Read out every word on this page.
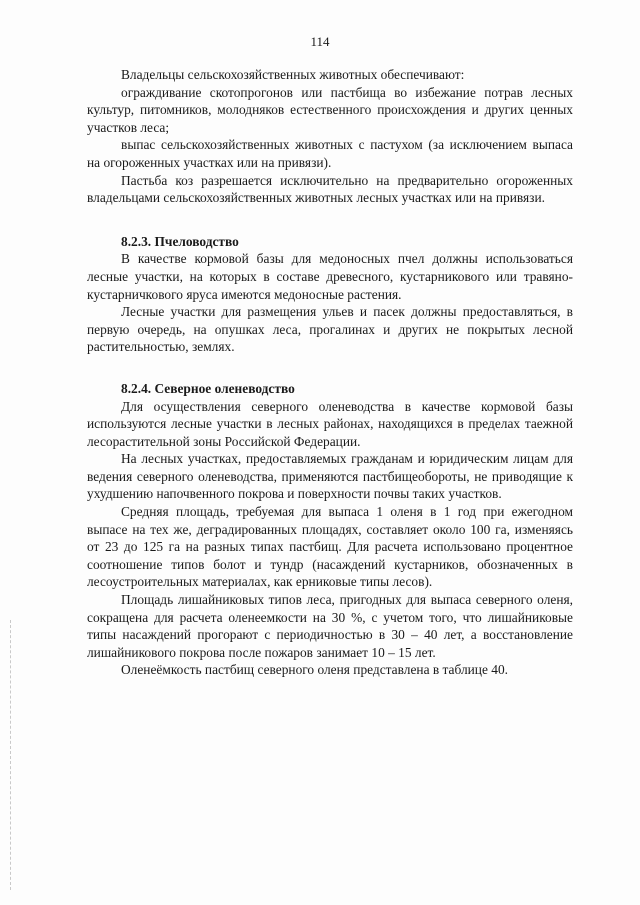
114

Владельцы сельскохозяйственных животных обеспечивают:

ограждивание скотопрогонов или пастбища во избежание потрав лесных культур, питомников, молодняков естественного происхождения и других ценных участков леса;

выпас сельскохозяйственных животных с пастухом (за исключением выпаса на огороженных участках или на привязи).

Пастьба коз разрешается исключительно на предварительно огороженных владельцами сельскохозяйственных животных лесных участках или на привязи.

8.2.3. Пчеловодство

В качестве кормовой базы для медоносных пчел должны использоваться лесные участки, на которых в составе древесного, кустарникового или травяно-кустарничкового яруса имеются медоносные растения.

Лесные участки для размещения ульев и пасек должны предоставляться, в первую очередь, на опушках леса, прогалинах и других не покрытых лесной растительностью, землях.

8.2.4. Северное оленеводство

Для осуществления северного оленеводства в качестве кормовой базы используются лесные участки в лесных районах, находящихся в пределах таежной лесорастительной зоны Российской Федерации.

На лесных участках, предоставляемых гражданам и юридическим лицам для ведения северного оленеводства, применяются пастбищеобороты, не приводящие к ухудшению напочвенного покрова и поверхности почвы таких участков.

Средняя площадь, требуемая для выпаса 1 оленя в 1 год при ежегодном выпасе на тех же, деградированных площадях, составляет около 100 га, изменяясь от 23 до 125 га на разных типах пастбищ. Для расчета использовано процентное соотношение типов болот и тундр (насаждений кустарников, обозначенных в лесоустроительных материалах, как ерниковые типы лесов).

Площадь лишайниковых типов леса, пригодных для выпаса северного оленя, сокращена для расчета оленеемкости на 30 %, с учетом того, что лишайниковые типы насаждений прогорают с периодичностью в 30 – 40 лет, а восстановление лишайникового покрова после пожаров занимает 10 – 15 лет.

Оленеёмкость пастбищ северного оленя представлена в таблице 40.
